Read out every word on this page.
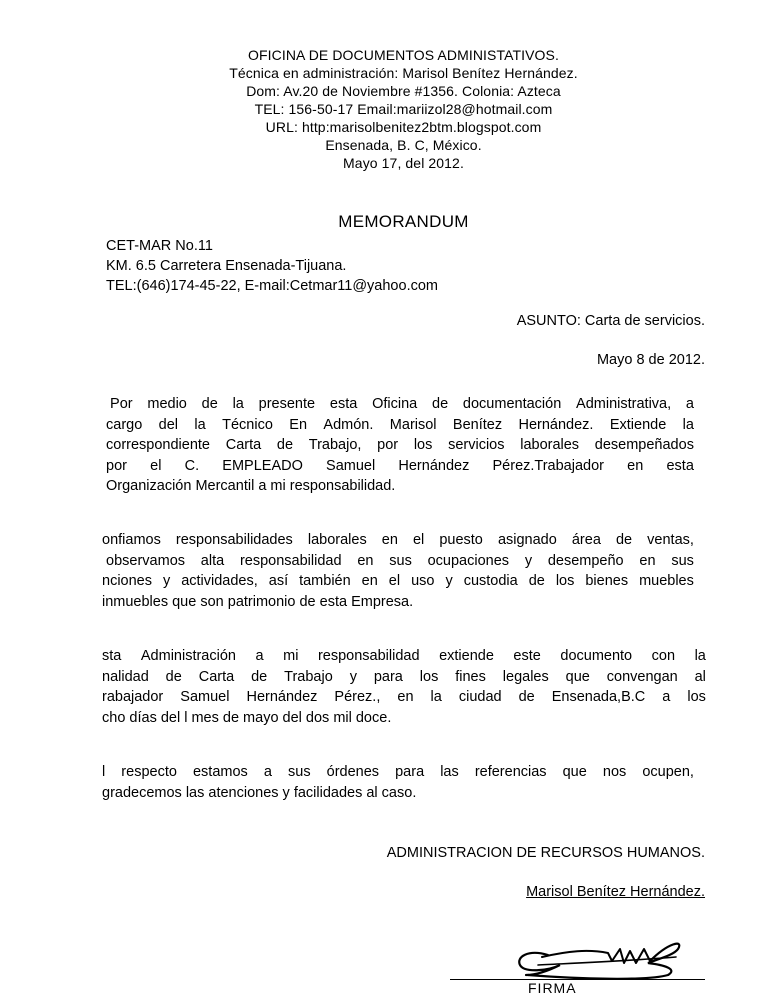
OFICINA DE DOCUMENTOS ADMINISTATIVOS.
Técnica en administración: Marisol Benítez Hernández.
Dom: Av.20 de Noviembre #1356. Colonia: Azteca
TEL: 156-50-17 Email:mariizol28@hotmail.com
URL: http:marisolbenitez2btm.blogspot.com
Ensenada, B. C, México.
Mayo 17, del 2012.
MEMORANDUM
CET-MAR No.11
KM. 6.5 Carretera Ensenada-Tijuana.
TEL:(646)174-45-22, E-mail:Cetmar11@yahoo.com
ASUNTO: Carta de servicios.
Mayo 8 de 2012.
Por medio de la presente esta Oficina de documentación Administrativa, a
cargo del la Técnico En Admón. Marisol Benítez Hernández. Extiende la
correspondiente Carta de Trabajo, por los servicios laborales desempeñados
por el C. EMPLEADO Samuel Hernández Pérez.Trabajador en esta
Organización Mercantil a mi responsabilidad.
onfiamos responsabilidades laborales en el puesto asignado área de ventas,
observamos alta responsabilidad en sus ocupaciones y desempeño en sus
nciones y actividades, así también en el uso y custodia de los bienes muebles
inmuebles que son patrimonio de esta Empresa.
sta Administración a mi responsabilidad extiende este documento con la
nalidad de Carta de Trabajo y para los fines legales que convengan al
rabajador Samuel Hernández Pérez., en la ciudad de Ensenada,B.C a los
cho días del l mes de mayo del dos mil doce.
l respecto estamos a sus órdenes para las referencias que nos ocupen,
gradecemos las atenciones y facilidades al caso.
ADMINISTRACION DE RECURSOS HUMANOS.
Marisol Benítez Hernández.
FIRMA
